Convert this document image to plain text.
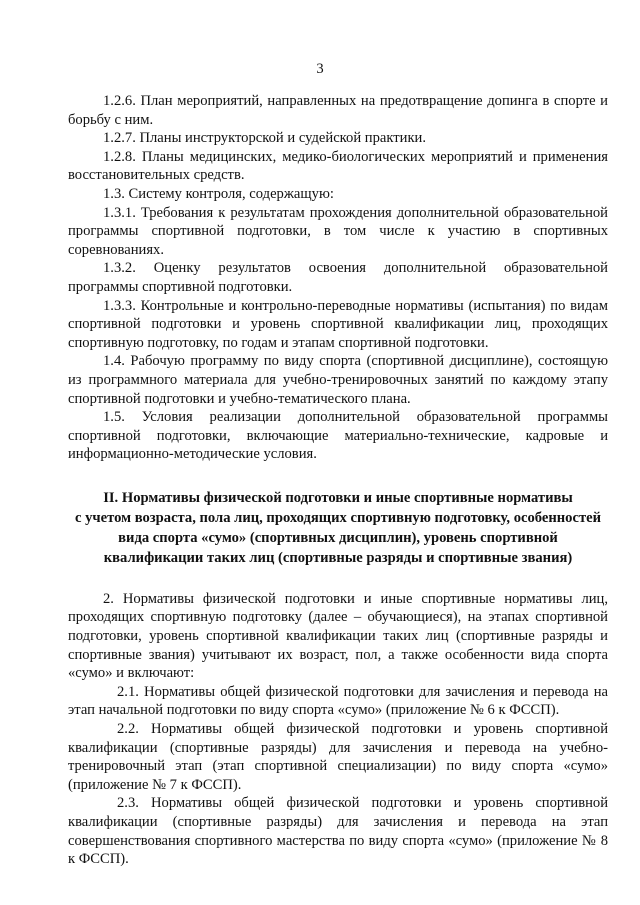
3

1.2.6. План мероприятий, направленных на предотвращение допинга в спорте и борьбу с ним.

1.2.7. Планы инструкторской и судейской практики.

1.2.8. Планы медицинских, медико-биологических мероприятий и применения восстановительных средств.

1.3. Систему контроля, содержащую:

1.3.1. Требования к результатам прохождения дополнительной образовательной программы спортивной подготовки, в том числе к участию в спортивных соревнованиях.

1.3.2. Оценку результатов освоения дополнительной образовательной программы спортивной подготовки.

1.3.3. Контрольные и контрольно-переводные нормативы (испытания) по видам спортивной подготовки и уровень спортивной квалификации лиц, проходящих спортивную подготовку, по годам и этапам спортивной подготовки.

1.4. Рабочую программу по виду спорта (спортивной дисциплине), состоящую из программного материала для учебно-тренировочных занятий по каждому этапу спортивной подготовки и учебно-тематического плана.

1.5. Условия реализации дополнительной образовательной программы спортивной подготовки, включающие материально-технические, кадровые и информационно-методические условия.

II. Нормативы физической подготовки и иные спортивные нормативы
с учетом возраста, пола лиц, проходящих спортивную подготовку, особенностей
вида спорта «сумо» (спортивных дисциплин), уровень спортивной
квалификации таких лиц (спортивные разряды и спортивные звания)

2. Нормативы физической подготовки и иные спортивные нормативы лиц, проходящих спортивную подготовку (далее – обучающиеся), на этапах спортивной подготовки, уровень спортивной квалификации таких лиц (спортивные разряды и спортивные звания) учитывают их возраст, пол, а также особенности вида спорта «сумо» и включают:

2.1. Нормативы общей физической подготовки для зачисления и перевода на этап начальной подготовки по виду спорта «сумо» (приложение № 6 к ФССП).

2.2. Нормативы общей физической подготовки и уровень спортивной квалификации (спортивные разряды) для зачисления и перевода на учебно-тренировочный этап (этап спортивной специализации) по виду спорта «сумо» (приложение № 7 к ФССП).

2.3. Нормативы общей физической подготовки и уровень спортивной квалификации (спортивные разряды) для зачисления и перевода на этап совершенствования спортивного мастерства по виду спорта «сумо» (приложение № 8 к ФССП).
